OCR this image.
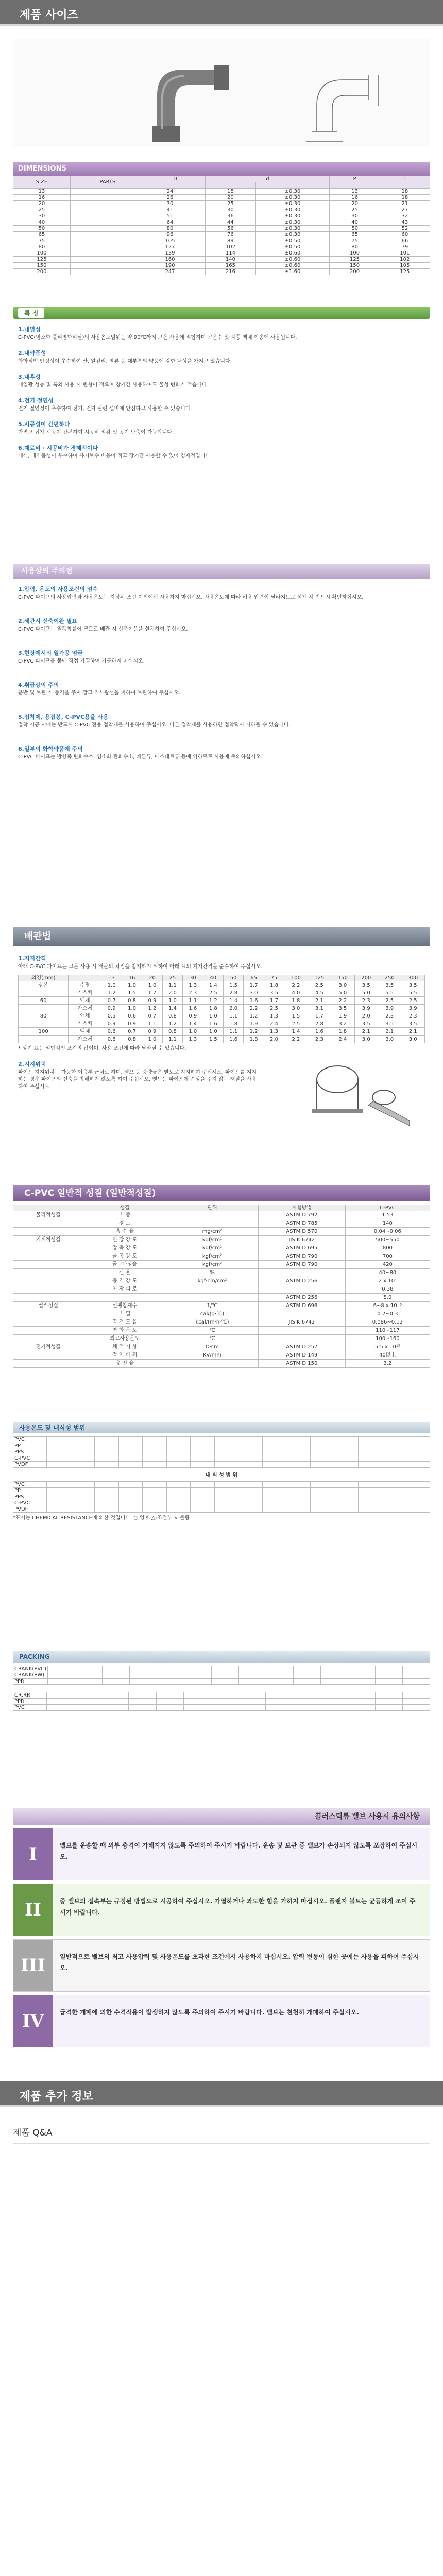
제품 사이즈
DIMENSIONS
SIZE	PARTS	D		d		P	L

13		24		18	±0.30	13	18
16		26		20	±0.30	16	18
20		30		25	±0.30	20	21
25		41		30	±0.30	25	27
30		51		36	±0.30	30	32
40		64		44	±0.30	40	43
50		80		56	±0.30	50	52
65		96		76	±0.30	65	60
75		105		89	±0.50	75	66
80		127		102	±0.50	80	79
100		139		114	±0.60	100	101
125		160		140	±0.60	125	102
150		190		165	±0.60	150	105
200		247		216	±1.60	200	125
특 징
1.내열성
C-PVC(염소화 폴리염화비닐)의 사용온도범위는 약 90℃까지 고온 사용에 적합하며 고온수 및 각종 액체 이송에 사용됩니다.
2.내약품성
화학적인 안정성이 우수하여 산, 알칼리, 염류 등 대부분의 약품에 강한 내성을 가지고 있습니다.
3.내후성
내일광 성능 및 옥외 사용 시 변형이 적으며 장기간 사용하여도 물성 변화가 적습니다.
4.전기 절연성
전기 절연성이 우수하여 전기, 전자 관련 설비에 안심하고 사용할 수 있습니다.
5.시공성이 간편하다
가볍고 접착 시공이 간편하여 시공비 절감 및 공기 단축이 가능합니다.
6.재료비 · 시공비가 경제적이다
내식, 내약품성이 우수하여 유지보수 비용이 적고 장기간 사용할 수 있어 경제적입니다.
사용상의 주의점
1.압력, 온도의 사용조건의 엄수
C-PVC 파이프의 사용압력과 사용온도는 지정된 조건 이외에서 사용하지 마십시오. 사용온도에 따라 허용 압력이 달라지므로 설계 시 반드시 확인하십시오.
2.세관시 신축이완 필요
C-PVC 파이프는 열팽창률이 크므로 배관 시 신축이음을 설치하여 주십시오.
3.현장에서의 열가공 엄금
C-PVC 파이프를 불에 직접 가열하여 가공하지 마십시오.
4.취급상의 주의
운반 및 보관 시 충격을 주지 말고 직사광선을 피하여 보관하여 주십시오.
5.접착제, 용접봉, C-PVC용을 사용
접착 시공 시에는 반드시 C-PVC 전용 접착제를 사용하여 주십시오. 다른 접착제를 사용하면 접착력이 저하될 수 있습니다.
6.일부의 화학약품에 주의
C-PVC 파이프는 방향족 탄화수소, 염소화 탄화수소, 케톤류, 에스테르류 등에 약하므로 사용에 주의하십시오.
배관법
1.지지간격
아래 C-PVC 파이프는 고온 사용 시 배관의 처짐을 방지하기 위하여 아래 표의 지지간격을 준수하여 주십시오.
외경(mm)		13	16	20	25	30	40	50	65	75	100	125	150	200	250	300
상온	수평	1.0	1.0	1.0	1.1	1.3	1.4	1.5	1.7	1.8	2.2	2.5	3.0	3.5	3.5	3.5
	가스체	1.2	1.5	1.7	2.0	2.3	2.5	2.8	3.0	3.5	4.0	4.5	5.0	5.0	5.5	5.5
60	액체	0.7	0.8	0.9	1.0	1.1	1.2	1.4	1.6	1.7	1.8	2.1	2.2	2.3	2.5	2.5
	가스체	0.9	1.0	1.2	1.4	1.6	1.8	2.0	2.2	2.5	3.0	3.1	3.5	3.9	3.9	3.9
80	액체	0.5	0.6	0.7	0.8	0.9	1.0	1.1	1.2	1.3	1.5	1.7	1.9	2.0	2.3	2.3
	가스체	0.9	0.9	1.1	1.2	1.4	1.6	1.8	1.9	2.4	2.5	2.8	3.2	3.5	3.5	3.5
100	액체	0.6	0.7	0.9	0.8	1.0	1.0	1.1	1.2	1.3	1.4	1.6	1.8	2.1	2.1	2.1
	가스체	0.8	0.8	1.0	1.1	1.3	1.5	1.6	1.8	2.0	2.2	2.3	2.4	3.0	3.0	3.0
* 상기 표는 일반적인 조건의 값이며, 사용 조건에 따라 달라질 수 있습니다.
2.지지위치
파이프 지지위치는 가능한 이음부 근처로 하며, 밸브 등 중량물은 별도로 지지하여 주십시오. 파이프를 지지하는 경우 파이프의 신축을 방해하지 않도록 하여 주십시오. 밴드는 파이프에 손상을 주지 않는 재질을 사용하여 주십시오.
C-PVC 일반적 성질 (일반적성질)
	성질	단위	시험방법	C-PVC
물리적성질	비 중		ASTM D 792	1.53
	경 도		ASTM D 785	140
	흡 수 율	mg/cm²	ASTM D 570	0.04~0.06
기계적성질	인 장 강 도	kgf/cm²	JIS K 6742	500~550
	압 축 강 도	kgf/cm²	ASTM D 695	800
	굴 곡 강 도	kgf/cm²	ASTM D 790	700
	굴곡탄성율	kgf/cm²	ASTM D 790	420
	신 율	%		40~80
	충 격 강 도	kgf·cm/cm²	ASTM D 256	2 x 10⁴
	인 장 피 로			0.38
			ASTM D 256	8.0
열적성질	선팽창계수	1/℃	ASTM D 696	6~8 x 10⁻⁵
	비 열	cal/(g·℃)		0.2~0.3
	열 전 도 율	kcal/(m·h·℃)	JIS K 6742	0.086~0.12
	연 화 온 도	℃		110~117
	최고사용온도	℃		100~160
전기적성질	체 적 저 항	Ω·cm	ASTM D 257	5.5 x 10¹⁵
	절 연 파 괴	KV/mm	ASTM D 149	40以上
	유 전 율		ASTM D 150	3.2
사용온도 및 내식성 범위
PVC																
PP																
PPS																
C-PVC																
PVDF																
내 식 성 범 위
PVC																
PP																
PPS																
C-PVC																
PVDF																
*표시는 CHEMICAL RESISTANCE에 의한 것입니다. ○:양호 △:조건부 ×:불량
PACKING
CRANK(PVC)														
CRANK(PW)														
PPR														
CR,RR														
PPR														
PVC														
플러스틱류 밸브 사용시 유의사항
I	밸브를 운송할 때 외부 충격이 가해지지 않도록 주의하여 주시기 바랍니다. 운송 및 보관 중 밸브가 손상되지 않도록 포장하여 주십시오.
II	중 밸브의 접속부는 규정된 방법으로 시공하여 주십시오. 가열하거나 과도한 힘을 가하지 마십시오. 플랜지 볼트는 균등하게 조여 주시기 바랍니다.
III	일반적으로 밸브의 최고 사용압력 및 사용온도를 초과한 조건에서 사용하지 마십시오. 압력 변동이 심한 곳에는 사용을 피하여 주십시오.
IV	급격한 개폐에 의한 수격작용이 발생하지 않도록 주의하여 주시기 바랍니다. 밸브는 천천히 개폐하여 주십시오.
제품 추가 정보
제품 Q&A
